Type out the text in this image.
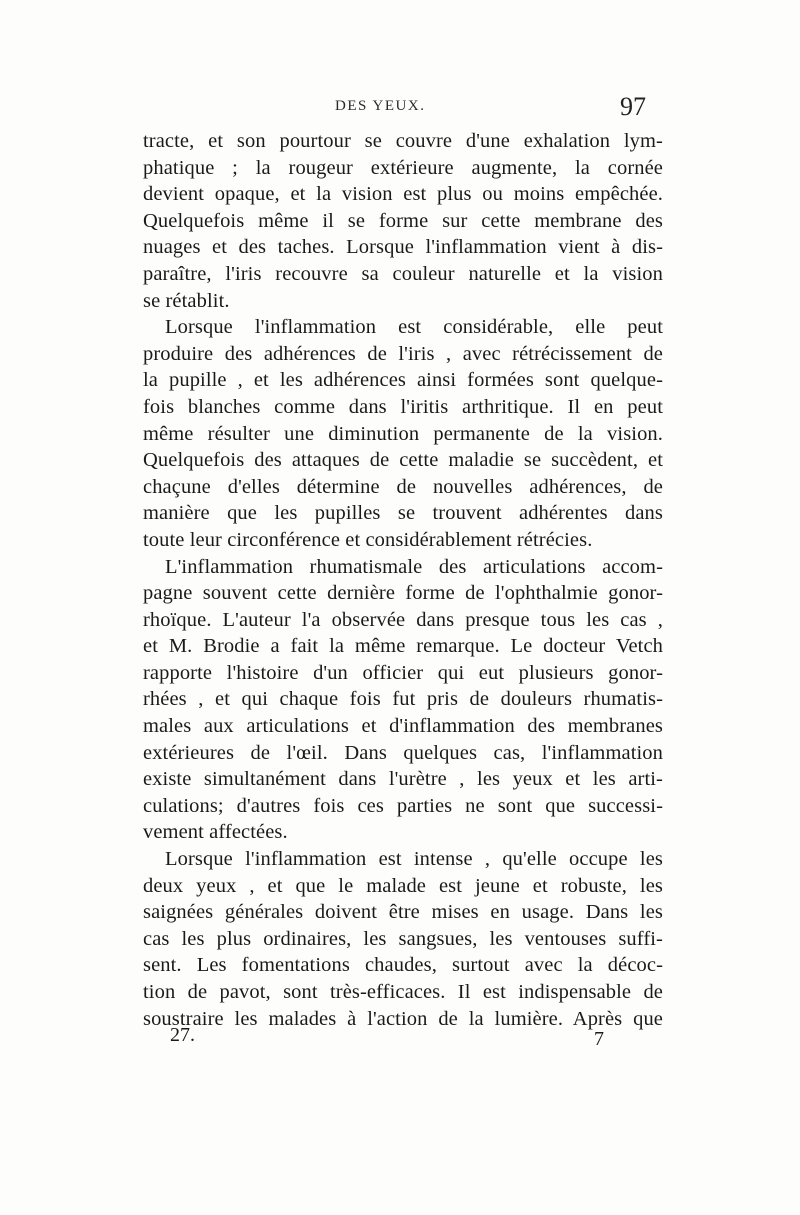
DES YEUX.	97
tracte, et son pourtour se couvre d'une exhalation lym-
phatique ; la rougeur extérieure augmente, la cornée
devient opaque, et la vision est plus ou moins empêchée.
Quelquefois même il se forme sur cette membrane des
nuages et des taches. Lorsque l'inflammation vient à dis-
paraître, l'iris recouvre sa couleur naturelle et la vision
se rétablit.
Lorsque l'inflammation est considérable, elle peut
produire des adhérences de l'iris , avec rétrécissement de
la pupille , et les adhérences ainsi formées sont quelque-
fois blanches comme dans l'iritis arthritique. Il en peut
même résulter une diminution permanente de la vision.
Quelquefois des attaques de cette maladie se succèdent, et
chaçune d'elles détermine de nouvelles adhérences, de
manière que les pupilles se trouvent adhérentes dans
toute leur circonférence et considérablement rétrécies.
L'inflammation rhumatismale des articulations accom-
pagne souvent cette dernière forme de l'ophthalmie gonor-
rhoïque. L'auteur l'a observée dans presque tous les cas ,
et M. Brodie a fait la même remarque. Le docteur Vetch
rapporte l'histoire d'un officier qui eut plusieurs gonor-
rhées , et qui chaque fois fut pris de douleurs rhumatis-
males aux articulations et d'inflammation des membranes
extérieures de l'œil. Dans quelques cas, l'inflammation
existe simultanément dans l'urètre , les yeux et les arti-
culations; d'autres fois ces parties ne sont que successi-
vement affectées.
Lorsque l'inflammation est intense , qu'elle occupe les
deux yeux , et que le malade est jeune et robuste, les
saignées générales doivent être mises en usage. Dans les
cas les plus ordinaires, les sangsues, les ventouses suffi-
sent. Les fomentations chaudes, surtout avec la décoc-
tion de pavot, sont très-efficaces. Il est indispensable de
soustraire les malades à l'action de la lumière. Après que
27.	7
